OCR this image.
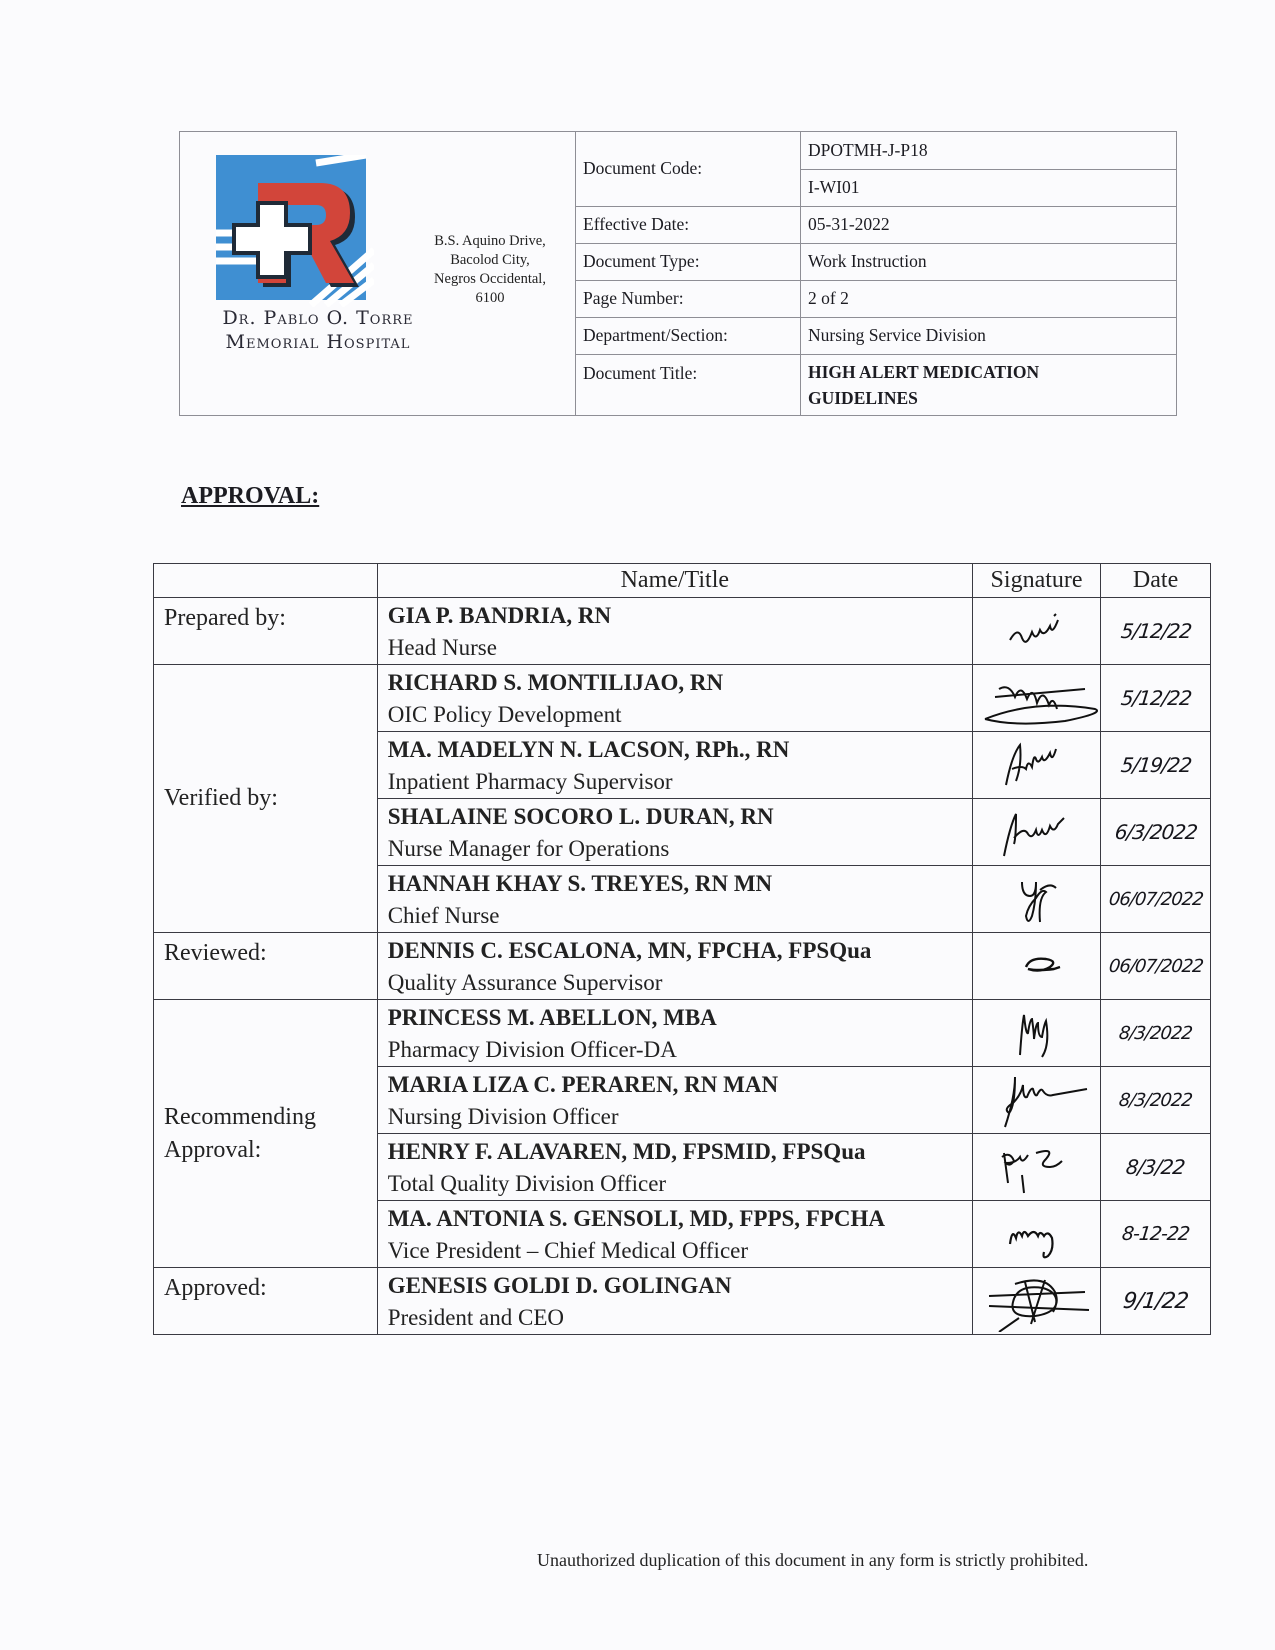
Dr. Pablo O. Torre
Memorial Hospital
B.S. Aquino Drive,
Bacolod City,
Negros Occidental,
6100
Document Code:	DPOTMH-J-P18
	I-WI01
Effective Date:	05-31-2022
Document Type:	Work Instruction
Page Number:	2 of 2
Department/Section:	Nursing Service Division
Document Title:	HIGH ALERT MEDICATION
GUIDELINES
APPROVAL:
	Name/Title	Signature	Date
Prepared by:	GIA P. BANDRIA, RN
Head Nurse		5/12/22
Verified by:	RICHARD S. MONTILIJAO, RN
OIC Policy Development		5/12/22

	MA. MADELYN N. LACSON, RPh., RN
Inpatient Pharmacy Supervisor		5/19/22

	SHALAINE SOCORO L. DURAN, RN
Nurse Manager for Operations		6/3/2022

	HANNAH KHAY S. TREYES, RN MN
Chief Nurse		06/07/2022
Reviewed:	DENNIS C. ESCALONA, MN, FPCHA, FPSQua
Quality Assurance Supervisor		06/07/2022

Recommending
Approval:	PRINCESS M. ABELLON, MBA
Pharmacy Division Officer-DA		8/3/2022

	MARIA LIZA C. PERAREN, RN MAN
Nursing Division Officer		8/3/2022

	HENRY F. ALAVAREN, MD, FPSMID, FPSQua
Total Quality Division Officer		8/3/22

	MA. ANTONIA S. GENSOLI, MD, FPPS, FPCHA
Vice President – Chief Medical Officer		8-12-22
Approved:	GENESIS GOLDI D. GOLINGAN
President and CEO		9/1/22
Unauthorized duplication of this document in any form is strictly prohibited.
